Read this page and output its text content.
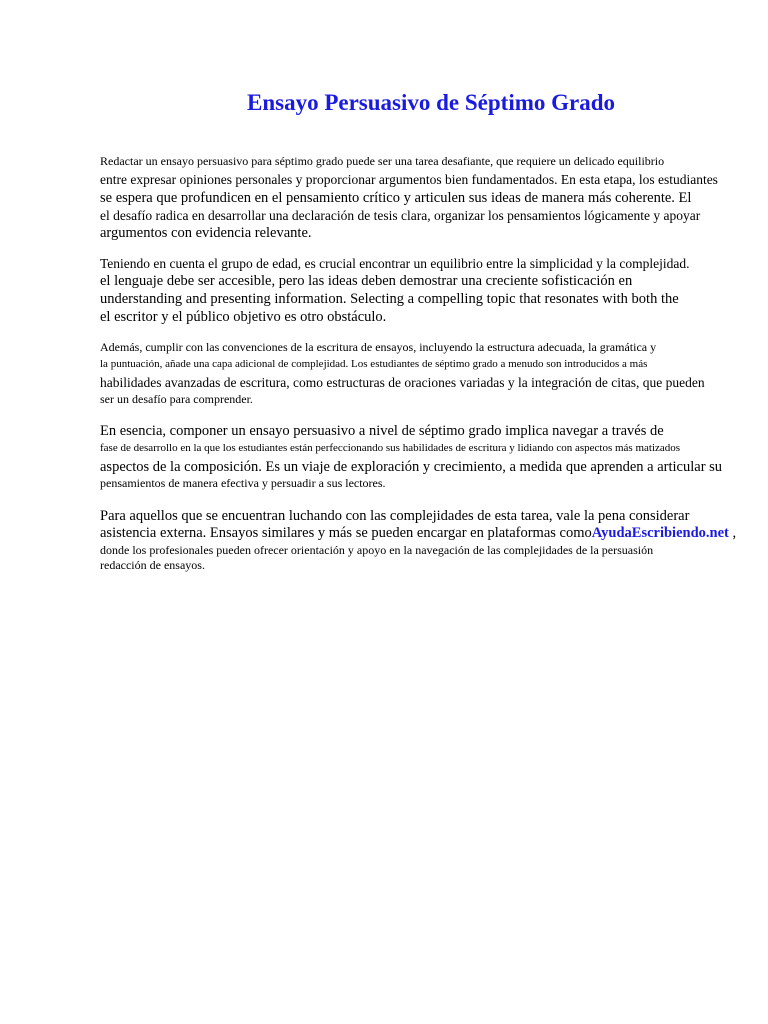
Ensayo Persuasivo de Séptimo Grado
Redactar un ensayo persuasivo para séptimo grado puede ser una tarea desafiante, que requiere un delicado equilibrio
entre expresar opiniones personales y proporcionar argumentos bien fundamentados. En esta etapa, los estudiantes
se espera que profundicen en el pensamiento crítico y articulen sus ideas de manera más coherente. El
el desafío radica en desarrollar una declaración de tesis clara, organizar los pensamientos lógicamente y apoyar
argumentos con evidencia relevante.
Teniendo en cuenta el grupo de edad, es crucial encontrar un equilibrio entre la simplicidad y la complejidad.
el lenguaje debe ser accesible, pero las ideas deben demostrar una creciente sofisticación en
understanding and presenting information. Selecting a compelling topic that resonates with both the
el escritor y el público objetivo es otro obstáculo.
Además, cumplir con las convenciones de la escritura de ensayos, incluyendo la estructura adecuada, la gramática y
la puntuación, añade una capa adicional de complejidad. Los estudiantes de séptimo grado a menudo son introducidos a más
habilidades avanzadas de escritura, como estructuras de oraciones variadas y la integración de citas, que pueden
ser un desafío para comprender.
En esencia, componer un ensayo persuasivo a nivel de séptimo grado implica navegar a través de
fase de desarrollo en la que los estudiantes están perfeccionando sus habilidades de escritura y lidiando con aspectos más matizados
aspectos de la composición. Es un viaje de exploración y crecimiento, a medida que aprenden a articular su
pensamientos de manera efectiva y persuadir a sus lectores.
Para aquellos que se encuentran luchando con las complejidades de esta tarea, vale la pena considerar
asistencia externa. Ensayos similares y más se pueden encargar en plataformas comoAyudaEscribiendo.net ,
donde los profesionales pueden ofrecer orientación y apoyo en la navegación de las complejidades de la persuasión
redacción de ensayos.
